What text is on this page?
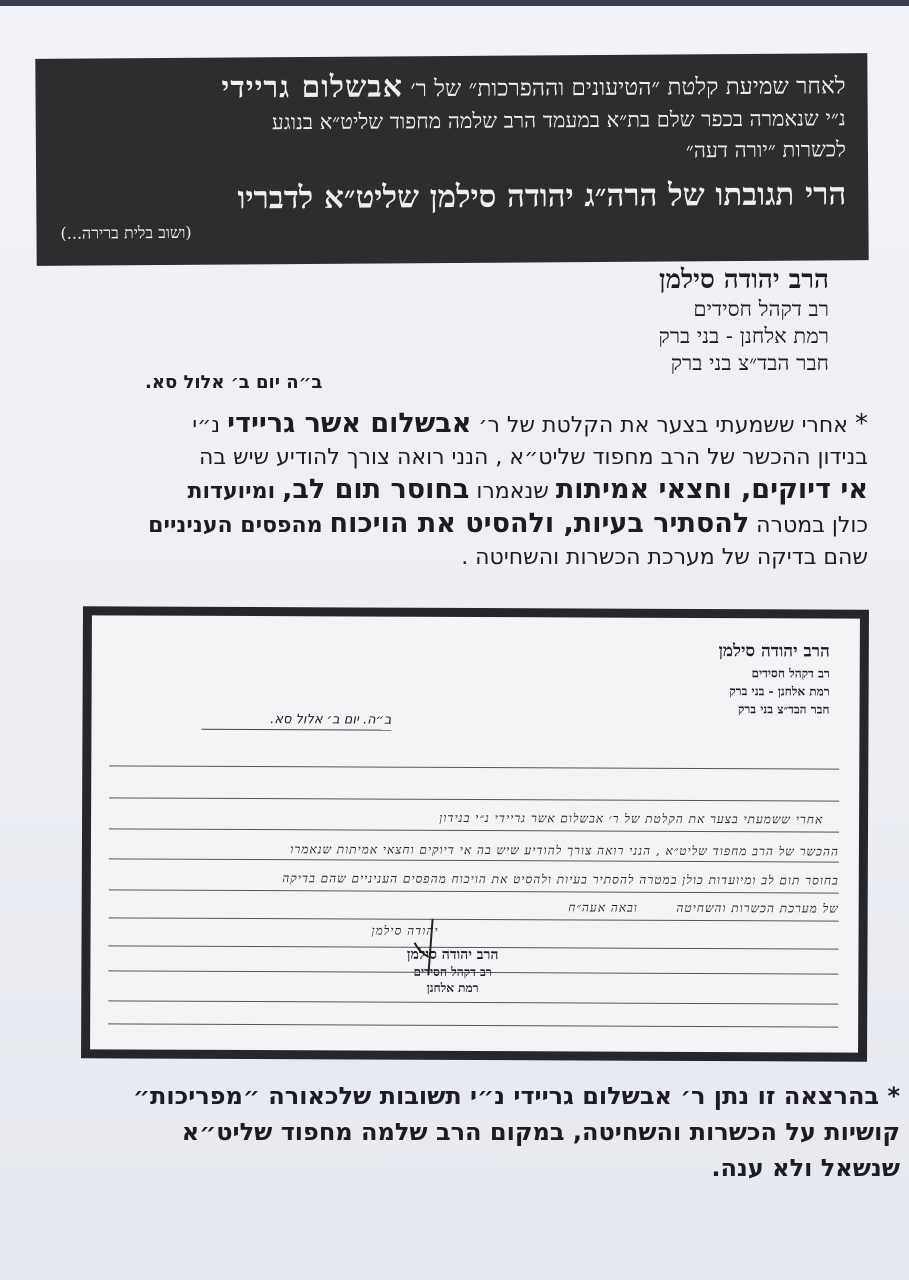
לאחר שמיעת קלטת ״הטיעונים וההפרכות״ של ר׳ אבשלום גריידי
נ״י שנאמרה בכפר שלם בת״א במעמד הרב שלמה מחפוד שליט״א בנוגע
לכשרות ״יורה דעה״
הרי תגובתו של הרה״ג יהודה סילמן שליט״א לדבריו
(ושוב בלית ברירה...)
הרב יהודה סילמן
רב דקהל חסידים
רמת אלחנן - בני ברק
חבר הבד״צ בני ברק
ב״ה יום ב׳ אלול סא.
* אחרי ששמעתי בצער את הקלטת של ר׳ אבשלום אשר גריידי נ״י
בנידון ההכשר של הרב מחפוד שליט״א , הנני רואה צורך להודיע שיש בה
אי דיוקים, וחצאי אמיתות שנאמרו בחוסר תום לב, ומיועדות
כולן במטרה להסתיר בעיות, ולהסיט את הויכוח מהפסים העניניים
שהם בדיקה של מערכת הכשרות והשחיטה .
הרב יהודה סילמן
רב דקהל חסידים
רמת אלחנן - בני ברק
חבר הבד״צ בני ברק
ב״ה. יום ב׳ אלול סא.
אחרי ששמעתי בצער את הקלטת של ר׳ אבשלום אשר גריידי נ״י בנידון
ההכשר של הרב מחפוד שליט״א , הנני רואה צורך להודיע שיש בה אי דיוקים וחצאי אמיתות שנאמרו
בחוסר תום לב ומיועדות כולן במטרה להסתיר בעיות ולהסיט את הויכוח מהפסים העניניים שהם בדיקה
של מערכת הכשרות והשחיטה        ובאה אעה״ח
יהודה סילמן
הרב יהודה סילמן
רב דקהל חסידים
רמת אלחנן
* בהרצאה זו נתן ר׳ אבשלום גריידי נ״י תשובות שלכאורה ״מפריכות״
קושיות על הכשרות והשחיטה, במקום הרב שלמה מחפוד שליט״א
שנשאל ולא ענה.
